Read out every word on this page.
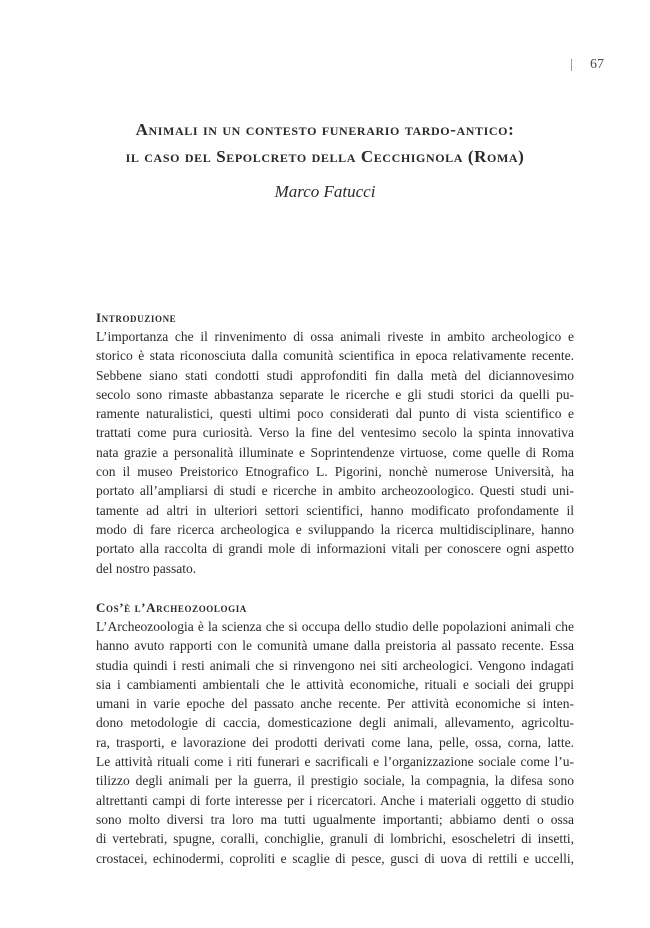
67
Animali in un contesto funerario tardo-antico:
il caso del Sepolcreto della Cecchignola (Roma)
Marco Fatucci
Introduzione
L’importanza che il rinvenimento di ossa animali riveste in ambito archeologico e
storico è stata riconosciuta dalla comunità scientifica in epoca relativamente recente.
Sebbene siano stati condotti studi approfonditi fin dalla metà del diciannovesimo
secolo sono rimaste abbastanza separate le ricerche e gli studi storici da quelli pu-
ramente naturalistici, questi ultimi poco considerati dal punto di vista scientifico e
trattati come pura curiosità. Verso la fine del ventesimo secolo la spinta innovativa
nata grazie a personalità illuminate e Soprintendenze virtuose, come quelle di Roma
con il museo Preistorico Etnografico L. Pigorini, nonchè numerose Università, ha
portato all’ampliarsi di studi e ricerche in ambito archeozoologico. Questi studi uni-
tamente ad altri in ulteriori settori scientifici, hanno modificato profondamente il
modo di fare ricerca archeologica e sviluppando la ricerca multidisciplinare, hanno
portato alla raccolta di grandi mole di informazioni vitali per conoscere ogni aspetto
del nostro passato.
Cos’è l’Archeozoologia
L’Archeozoologia è la scienza che si occupa dello studio delle popolazioni animali che
hanno avuto rapporti con le comunità umane dalla preistoria al passato recente. Essa
studia quindi i resti animali che si rinvengono nei siti archeologici. Vengono indagati
sia i cambiamenti ambientali che le attività economiche, rituali e sociali dei gruppi
umani in varie epoche del passato anche recente. Per attività economiche si inten-
dono metodologie di caccia, domesticazione degli animali, allevamento, agricoltu-
ra, trasporti, e lavorazione dei prodotti derivati come lana, pelle, ossa, corna, latte.
Le attività rituali come i riti funerari e sacrificali e l’organizzazione sociale come l’u-
tilizzo degli animali per la guerra, il prestigio sociale, la compagnia, la difesa sono
altrettanti campi di forte interesse per i ricercatori. Anche i materiali oggetto di studio
sono molto diversi tra loro ma tutti ugualmente importanti; abbiamo denti o ossa
di vertebrati, spugne, coralli, conchiglie, granuli di lombrichi, esoscheletri di insetti,
crostacei, echinodermi, coproliti e scaglie di pesce, gusci di uova di rettili e uccelli,
